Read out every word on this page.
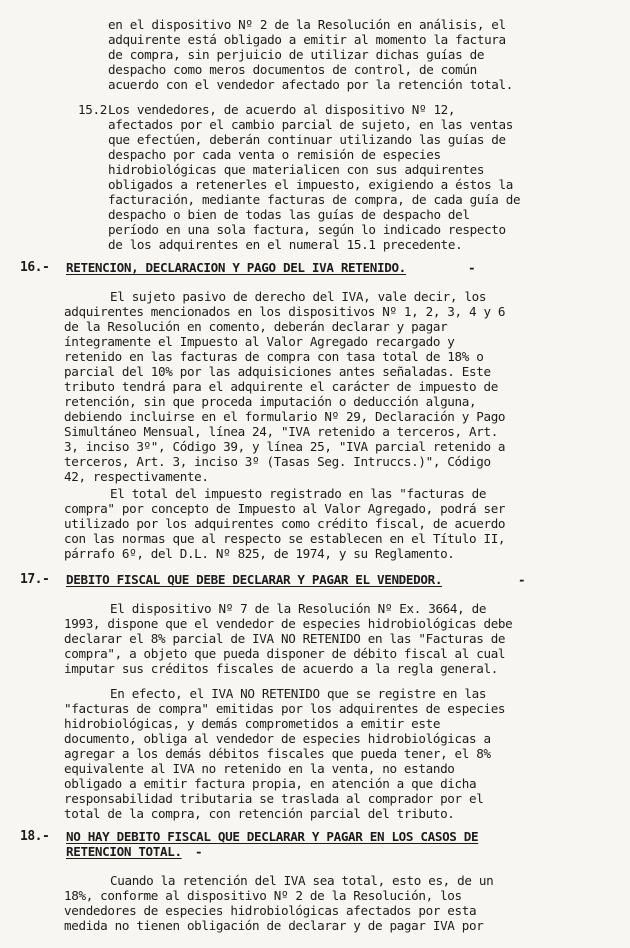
en el dispositivo Nº 2 de la Resolución en análisis, el

adquirente está obligado a emitir al momento la factura

de compra, sin perjuicio de utilizar dichas guías de

despacho como meros documentos de control, de común

acuerdo con el vendedor afectado por la retención total.

15.2 Los vendedores, de acuerdo al dispositivo Nº 12,

afectados por el cambio parcial de sujeto, en las ventas

que efectúen, deberán continuar utilizando las guías de

despacho por cada venta o remisión de especies

hidrobiológicas que materialicen con sus adquirentes

obligados a retenerles el impuesto, exigiendo a éstos la

facturación, mediante facturas de compra, de cada guía de

despacho o bien de todas las guías de despacho del

período en una sola factura, según lo indicado respecto

de los adquirentes en el numeral 15.1 precedente.

16.- RETENCION, DECLARACION Y PAGO DEL IVA RETENIDO.	-

El sujeto pasivo de derecho del IVA, vale decir, los

adquirentes mencionados en los dispositivos Nº 1, 2, 3, 4 y 6

de la Resolución en comento, deberán declarar y pagar

íntegramente el Impuesto al Valor Agregado recargado y

retenido en las facturas de compra con tasa total de 18% o

parcial del 10% por las adquisiciones antes señaladas. Este

tributo tendrá para el adquirente el carácter de impuesto de

retención, sin que proceda imputación o deducción alguna,

debiendo incluirse en el formulario Nº 29, Declaración y Pago

Simultáneo Mensual, línea 24, "IVA retenido a terceros, Art.

3, inciso 3º", Código 39, y línea 25, "IVA parcial retenido a

terceros, Art. 3, inciso 3º (Tasas Seg. Intruccs.)", Código

42, respectivamente.

El total del impuesto registrado en las "facturas de

compra" por concepto de Impuesto al Valor Agregado, podrá ser

utilizado por los adquirentes como crédito fiscal, de acuerdo

con las normas que al respecto se establecen en el Título II,

párrafo 6º, del D.L. Nº 825, de 1974, y su Reglamento.

17.- DEBITO FISCAL QUE DEBE DECLARAR Y PAGAR EL VENDEDOR.	-

El dispositivo Nº 7 de la Resolución Nº Ex. 3664, de

1993, dispone que el vendedor de especies hidrobiológicas debe

declarar el 8% parcial de IVA NO RETENIDO en las "Facturas de

compra", a objeto que pueda disponer de débito fiscal al cual

imputar sus créditos fiscales de acuerdo a la regla general.

En efecto, el IVA NO RETENIDO que se registre en las

"facturas de compra" emitidas por los adquirentes de especies

hidrobiológicas, y demás comprometidos a emitir este

documento, obliga al vendedor de especies hidrobiológicas a

agregar a los demás débitos fiscales que pueda tener, el 8%

equivalente al IVA no retenido en la venta, no estando

obligado a emitir factura propia, en atención a que dicha

responsabilidad tributaria se traslada al comprador por el

total de la compra, con retención parcial del tributo.

18.- NO HAY DEBITO FISCAL QUE DECLARAR Y PAGAR EN LOS CASOS DE

RETENCION TOTAL. -

Cuando la retención del IVA sea total, esto es, de un

18%, conforme al dispositivo Nº 2 de la Resolución, los

vendedores de especies hidrobiológicas afectados por esta

medida no tienen obligación de declarar y de pagar IVA por
